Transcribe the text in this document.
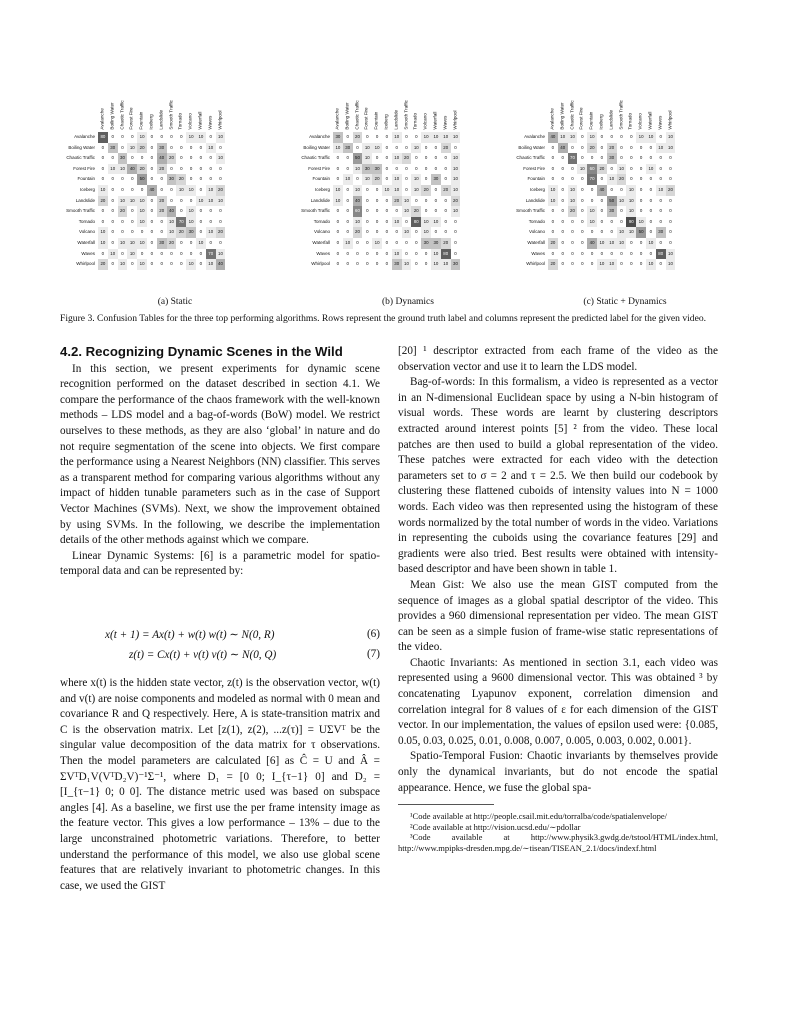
Avalanche Boiling Water Chaotic Traffic Forest Fire Fountain Iceberg Landslide Smooth Traffic Tornado Volcano Waterfall Waves Whirlpool
Avalanche	80	0	0	0	10	0	0	0	0	10	10	0	10
Boiling Water	0	30	0	10	20	0	30	0	0	0	0	10	0
Chaotic Traffic	0	0	30	0	0	0	40	20	0	0	0	0	10
Forest Fire	0	10	10	40	20	0	20	0	0	0	0	0	0
Fountain	0	0	0	0	50	0	0	30	20	0	0	0	0
Iceberg	10	0	0	0	0	40	0	0	10	10	0	10	20
Landslide	20	0	10	10	10	0	20	0	0	0	10	10	10
Smooth Traffic	0	0	20	0	10	0	20	40	0	10	0	0	0
Tornado	0	0	0	0	10	0	0	10	70	10	0	0	0
Volcano	10	0	0	0	0	0	0	10	20	30	0	10	20
Waterfall	10	0	10	10	10	0	30	20	0	0	10	0	0
Waves	0	10	0	10	0	0	0	0	0	0	0	70	10
Whirlpool	20	0	10	0	10	0	0	0	0	10	0	10	40
Avalanche Boiling Water Chaotic Traffic Forest Fire Fountain Iceberg Landslide Smooth Traffic Tornado Volcano Waterfall Waves Whirlpool
Avalanche	30	0	20	0	0	0	10	0	0	10	10	10	10
Boiling Water	10	30	0	10	10	0	0	0	10	0	0	20	0
Chaotic Traffic	0	0	50	10	0	0	10	20	0	0	0	0	10
Forest Fire	0	0	10	30	30	0	0	0	0	0	0	0	10
Fountain	0	10	0	10	20	0	10	0	10	0	30	0	10
Iceberg	10	0	10	0	0	10	10	0	10	20	0	20	10
Landslide	10	0	40	0	0	0	20	10	0	0	0	0	20
Smooth Traffic	0	0	60	0	0	0	0	10	20	0	0	0	10
Tornado	0	0	10	0	0	0	10	0	80	10	10	0	0
Volcano	0	0	20	0	0	0	0	10	0	10	0	0	0
Waterfall	0	10	0	0	10	0	0	0	0	30	30	20	0
Waves	0	0	0	0	0	0	10	0	0	0	10	80	0
Whirlpool	0	0	0	0	0	0	30	10	0	0	10	10	30
Avalanche Boiling Water Chaotic Traffic Forest Fire Fountain Iceberg Landslide Smooth Traffic Tornado Volcano Waterfall Waves Whirlpool
Avalanche	40	10	10	0	10	0	0	0	0	10	10	0	10
Boiling Water	0	40	0	0	20	0	20	0	0	0	0	10	10
Chaotic Traffic	0	0	70	0	0	0	30	0	0	0	0	0	0
Forest Fire	0	0	0	10	60	20	0	10	0	0	10	0	0
Fountain	0	0	0	0	70	0	10	20	0	0	0	0	0
Iceberg	10	0	10	0	0	40	0	0	10	0	0	10	20
Landslide	10	0	10	0	0	0	50	10	10	0	0	0	0
Smooth Traffic	0	0	20	0	10	0	30	0	10	0	0	0	0
Tornado	0	0	0	0	10	0	0	0	90	10	0	0	0
Volcano	0	0	0	0	0	0	0	10	10	50	0	30	0
Waterfall	20	0	0	0	40	10	10	10	0	0	10	0	0
Waves	0	0	0	0	0	0	0	0	0	0	0	80	10
Whirlpool	20	0	0	0	0	10	10	0	0	0	10	0	10
(a) Static	(b) Dynamics	(c) Static + Dynamics
Figure 3. Confusion Tables for the three top performing algorithms. Rows represent the ground truth label and columns represent the predicted label for the given video.
4.2. Recognizing Dynamic Scenes in the Wild

In this section, we present experiments for dynamic scene recognition performed on the dataset described in section 4.1. We compare the performance of the chaos framework with the well-known methods – LDS model and a bag-of-words (BoW) model. We restrict ourselves to these methods, as they are also ‘global’ in nature and do not require segmentation of the scene into objects. We first compare the performance using a Nearest Neighbors (NN) classifier. This serves as a transparent method for comparing various algorithms without any impact of hidden tunable parameters such as in the case of Support Vector Machines (SVMs). Next, we show the improvement obtained by using SVMs. In the following, we describe the implementation details of the other methods against which we compare.

Linear Dynamic Systems: [6] is a parametric model for spatio-temporal data and can be represented by:

x(t + 1) = Ax(t) + w(t) w(t) ∼ N(0, R)	(6)
z(t) = Cx(t) + v(t) v(t) ∼ N(0, Q)	(7)

where x(t) is the hidden state vector, z(t) is the observation vector, w(t) and v(t) are noise components and modeled as normal with 0 mean and covariance R and Q respectively. Here, A is state-transition matrix and C is the observation matrix. Let [z(1), z(2), ...z(τ)] = UΣVᵀ be the singular value decomposition of the data matrix for τ observations. Then the model parameters are calculated [6] as Ĉ = U and Â = ΣVᵀD₁V(VᵀD₂V)⁻¹Σ⁻¹, where D₁ = [0 0; I_{τ−1} 0] and D₂ = [I_{τ−1} 0; 0 0]. The distance metric used was based on subspace angles [4]. As a baseline, we first use the per frame intensity image as the feature vector. This gives a low performance – 13% – due to the large unconstrained photometric variations. Therefore, to better understand the performance of this model, we also use global scene features that are relatively invariant to photometric changes. In this case, we used the GIST

[20] ¹ descriptor extracted from each frame of the video as the observation vector and use it to learn the LDS model.

Bag-of-words: In this formalism, a video is represented as a vector in an N-dimensional Euclidean space by using a N-bin histogram of visual words. These words are learnt by clustering descriptors extracted around interest points [5] ² from the video. These local patches are then used to build a global representation of the video. These patches were extracted for each video with the detection parameters set to σ = 2 and τ = 2.5. We then build our codebook by clustering these flattened cuboids of intensity values into N = 1000 words. Each video was then represented using the histogram of these words normalized by the total number of words in the video. Variations in representing the cuboids using the covariance features [29] and gradients were also tried. Best results were obtained with intensity-based descriptor and have been shown in table 1.

Mean Gist: We also use the mean GIST computed from the sequence of images as a global spatial descriptor of the video. This provides a 960 dimensional representation per video. The mean GIST can be seen as a simple fusion of frame-wise static representations of the video.

Chaotic Invariants: As mentioned in section 3.1, each video was represented using a 9600 dimensional vector. This was obtained ³ by concatenating Lyapunov exponent, correlation dimension and correlation integral for 8 values of ε for each dimension of the GIST vector. In our implementation, the values of epsilon used were: {0.085, 0.05, 0.03, 0.025, 0.01, 0.008, 0.007, 0.005, 0.003, 0.002, 0.001}.

Spatio-Temporal Fusion: Chaotic invariants by themselves provide only the dynamical invariants, but do not encode the spatial appearance. Hence, we fuse the global spa-

¹Code available at http://people.csail.mit.edu/torralba/code/spatialenvelope/

²Code available at http://vision.ucsd.edu/∼pdollar

³Code available at http://www.physik3.gwdg.de/tstool/HTML/index.html, http://www.mpipks-dresden.mpg.de/∼tisean/TISEAN_2.1/docs/indexf.html
